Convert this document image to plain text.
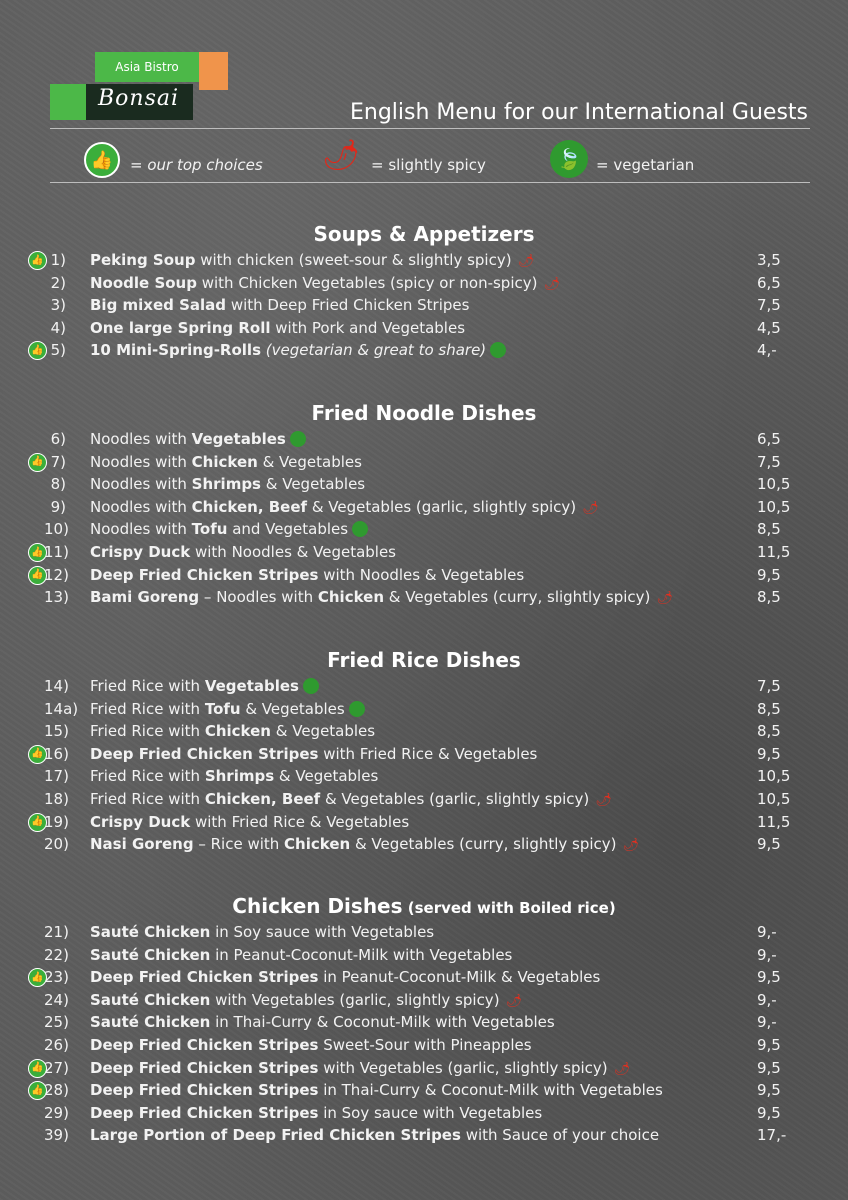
Asia Bistro
Bonsai
English Menu for our International Guests
👍	= our top choices 🌶 = slightly spicy	🍃 = vegetarian
Soups & Appetizers
👍 1) Peking Soup with chicken (sweet-sour & slightly spicy) 🌶	3,5
2) Noodle Soup with Chicken Vegetables (spicy or non-spicy) 🌶	6,5
3) Big mixed Salad with Deep Fried Chicken Stripes	7,5
4) One large Spring Roll with Pork and Vegetables	4,5
👍 5) 10 Mini-Spring-Rolls (vegetarian & great to share)	4,-
Fried Noodle Dishes
6) Noodles with Vegetables	6,5
👍 7) Noodles with Chicken & Vegetables	7,5
8) Noodles with Shrimps & Vegetables	10,5
9) Noodles with Chicken, Beef & Vegetables (garlic, slightly spicy) 🌶	10,5
10) Noodles with Tofu and Vegetables	8,5
👍 11) Crispy Duck with Noodles & Vegetables	11,5
👍 12) Deep Fried Chicken Stripes with Noodles & Vegetables	9,5
13) Bami Goreng – Noodles with Chicken & Vegetables (curry, slightly spicy) 🌶	8,5
Fried Rice Dishes
14) Fried Rice with Vegetables	7,5
14a) Fried Rice with Tofu & Vegetables	8,5
15) Fried Rice with Chicken & Vegetables	8,5
👍 16) Deep Fried Chicken Stripes with Fried Rice & Vegetables	9,5
17) Fried Rice with Shrimps & Vegetables	10,5
18) Fried Rice with Chicken, Beef & Vegetables (garlic, slightly spicy) 🌶	10,5
👍 19) Crispy Duck with Fried Rice & Vegetables	11,5
20) Nasi Goreng – Rice with Chicken & Vegetables (curry, slightly spicy) 🌶	9,5
Chicken Dishes (served with Boiled rice)
21) Sauté Chicken in Soy sauce with Vegetables	9,-
22) Sauté Chicken in Peanut-Coconut-Milk with Vegetables	9,-
👍 23) Deep Fried Chicken Stripes in Peanut-Coconut-Milk & Vegetables	9,5
24) Sauté Chicken with Vegetables (garlic, slightly spicy) 🌶	9,-
25) Sauté Chicken in Thai-Curry & Coconut-Milk with Vegetables	9,-
26) Deep Fried Chicken Stripes Sweet-Sour with Pineapples	9,5
👍 27) Deep Fried Chicken Stripes with Vegetables (garlic, slightly spicy) 🌶	9,5
👍 28) Deep Fried Chicken Stripes in Thai-Curry & Coconut-Milk with Vegetables	9,5
29) Deep Fried Chicken Stripes in Soy sauce with Vegetables	9,5
39) Large Portion of Deep Fried Chicken Stripes with Sauce of your choice	17,-
